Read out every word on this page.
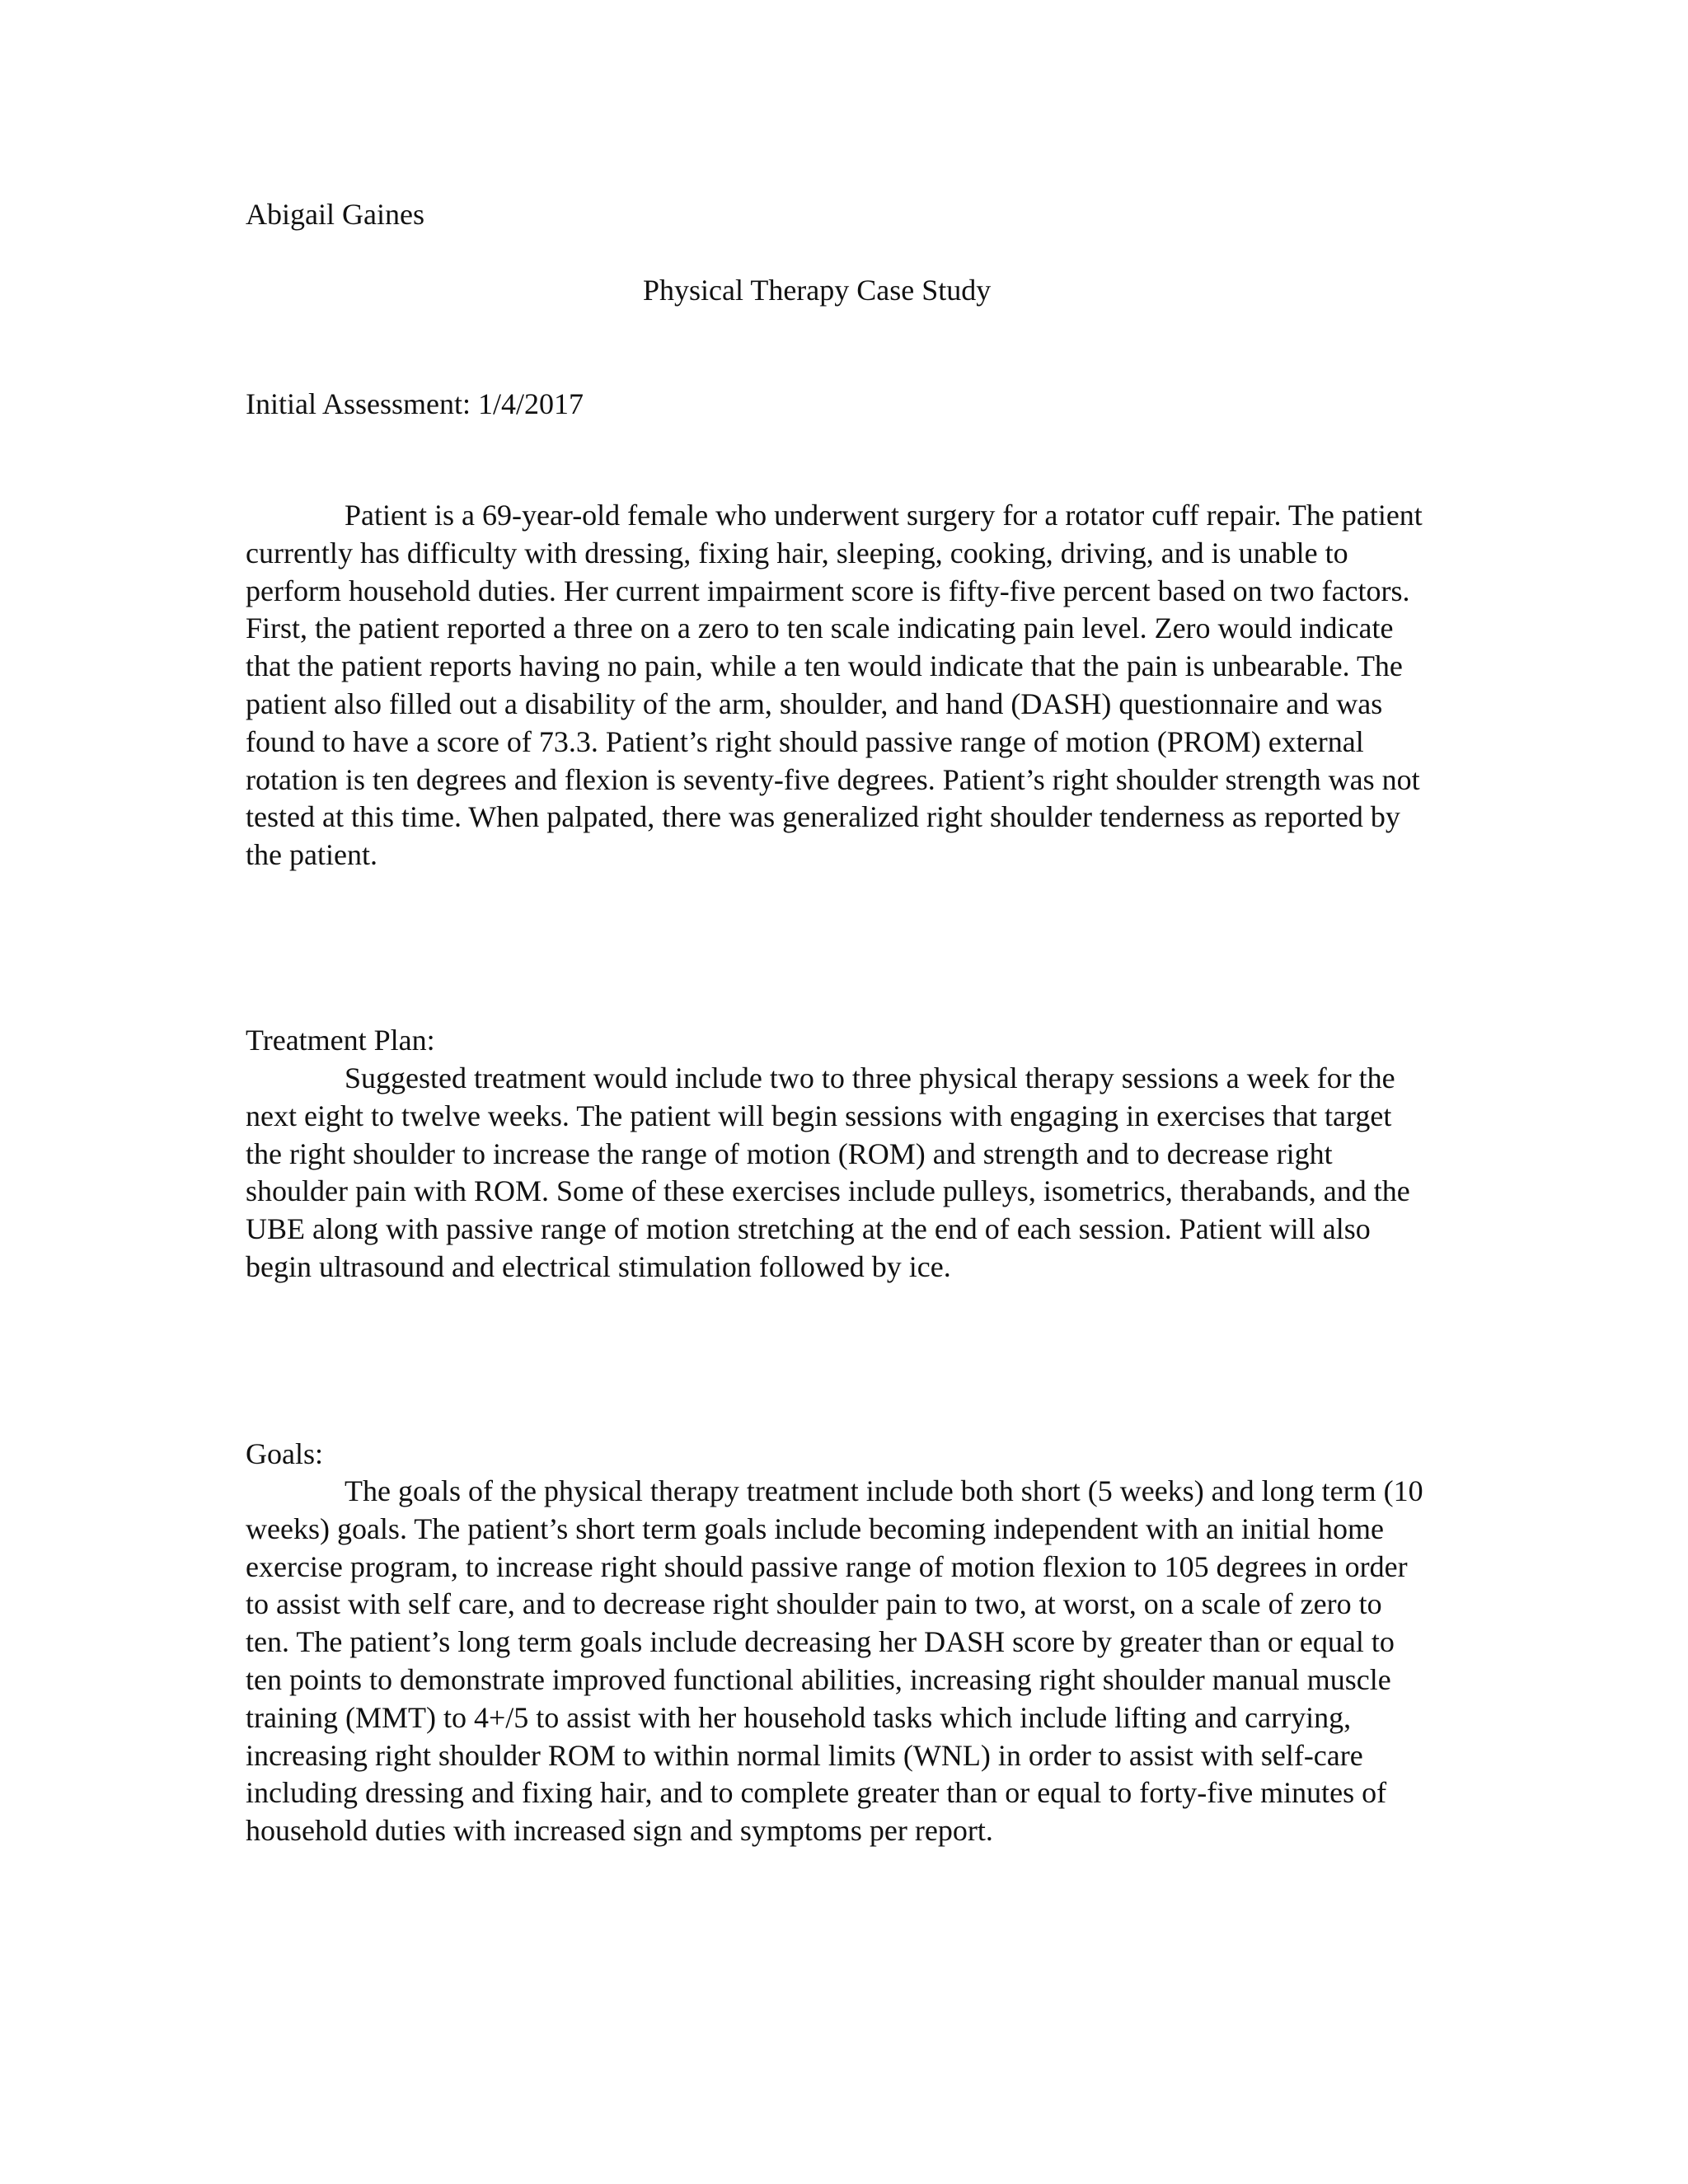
Abigail Gaines
Physical Therapy Case Study
Initial Assessment: 1/4/2017

Patient is a 69-year-old female who underwent surgery for a rotator cuff repair. The patient currently has difficulty with dressing, fixing hair, sleeping, cooking, driving, and is unable to perform household duties. Her current impairment score is fifty-five percent based on two factors. First, the patient reported a three on a zero to ten scale indicating pain level. Zero would indicate that the patient reports having no pain, while a ten would indicate that the pain is unbearable. The patient also filled out a disability of the arm, shoulder, and hand (DASH) questionnaire and was found to have a score of 73.3. Patient’s right should passive range of motion (PROM) external rotation is ten degrees and flexion is seventy-five degrees. Patient’s right shoulder strength was not tested at this time. When palpated, there was generalized right shoulder tenderness as reported by the patient.

Treatment Plan:

Suggested treatment would include two to three physical therapy sessions a week for the next eight to twelve weeks. The patient will begin sessions with engaging in exercises that target the right shoulder to increase the range of motion (ROM) and strength and to decrease right shoulder pain with ROM. Some of these exercises include pulleys, isometrics, therabands, and the UBE along with passive range of motion stretching at the end of each session. Patient will also begin ultrasound and electrical stimulation followed by ice.

Goals:

The goals of the physical therapy treatment include both short (5 weeks) and long term (10 weeks) goals. The patient’s short term goals include becoming independent with an initial home exercise program, to increase right should passive range of motion flexion to 105 degrees in order to assist with self care, and to decrease right shoulder pain to two, at worst, on a scale of zero to ten. The patient’s long term goals include decreasing her DASH score by greater than or equal to ten points to demonstrate improved functional abilities, increasing right shoulder manual muscle training (MMT) to 4+/5 to assist with her household tasks which include lifting and carrying, increasing right shoulder ROM to within normal limits (WNL) in order to assist with self-care including dressing and fixing hair, and to complete greater than or equal to forty-five minutes of household duties with increased sign and symptoms per report.
